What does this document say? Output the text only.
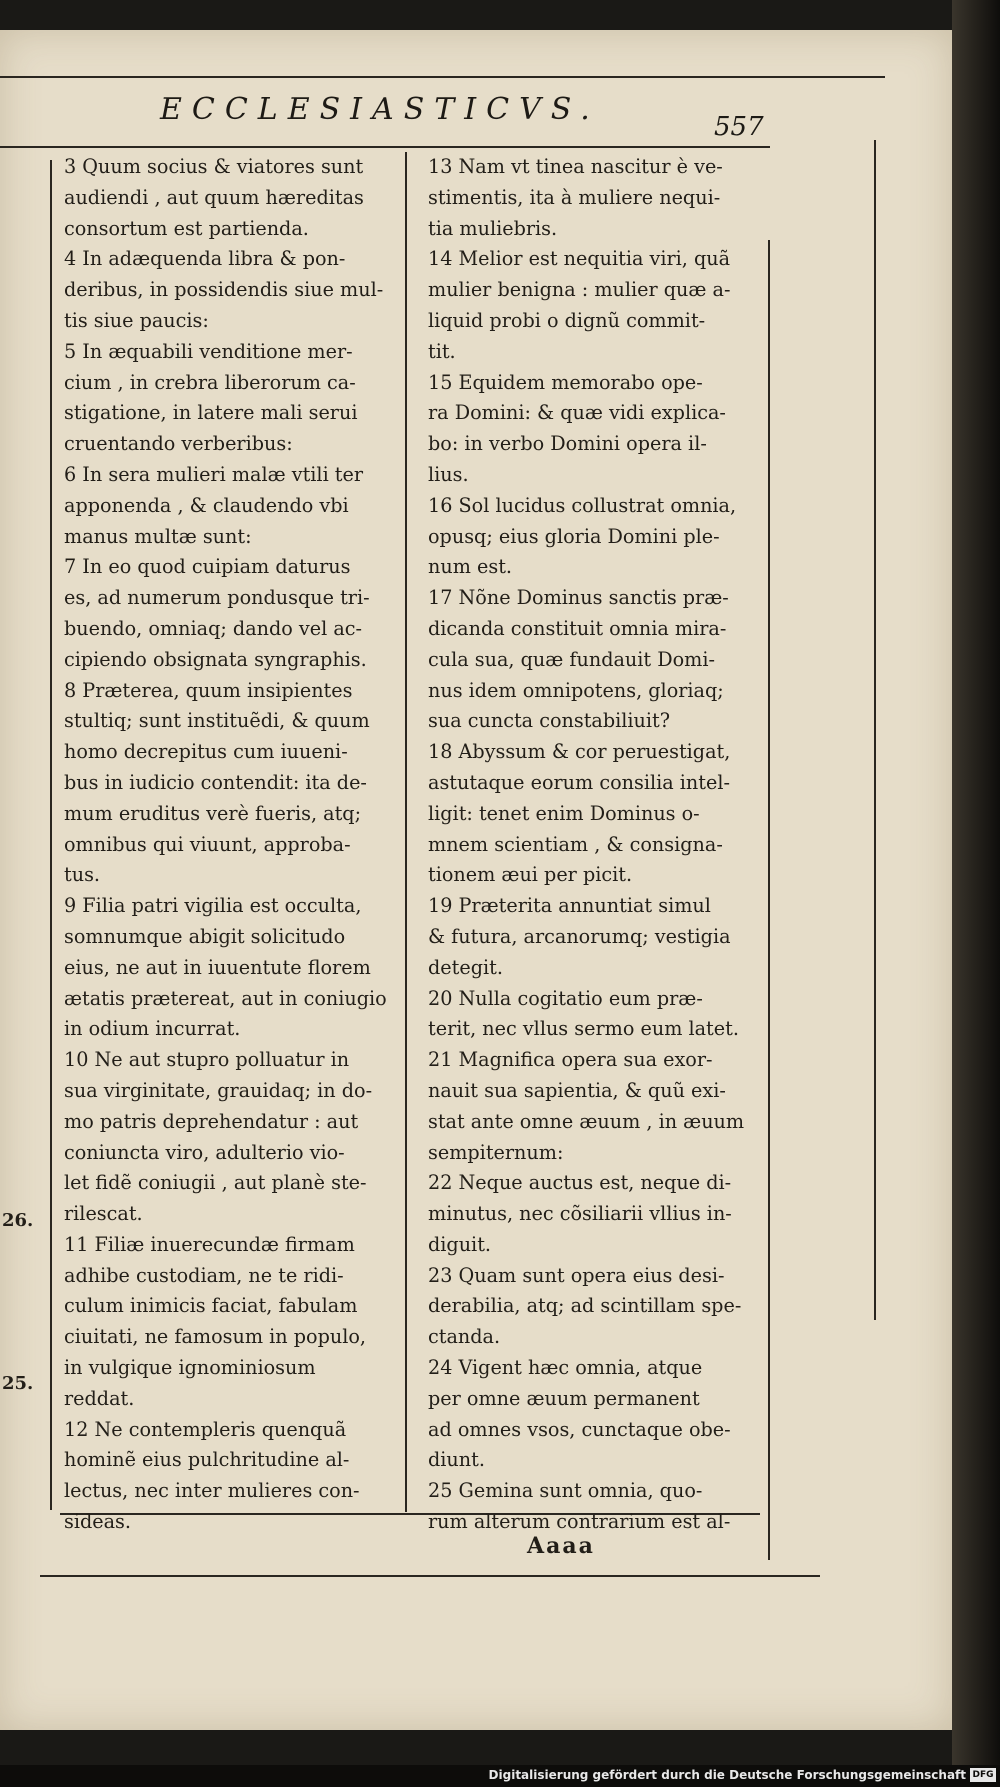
ECCLESIASTICVS.	557
3 Quum socius & viatores sunt
audiendi , aut quum hæreditas
consortum est partienda.
4 In adæquenda libra & pon-
deribus, in possidendis siue mul-
tis siue paucis:
5 In æquabili venditione mer-
cium , in crebra liberorum ca-
stigatione, in latere mali serui
cruentando verberibus:
6 In sera mulieri malæ vtili ter
apponenda , & claudendo vbi
manus multæ sunt:
7 In eo quod cuipiam daturus
es, ad numerum pondusque tri-
buendo, omniaq; dando vel ac-
cipiendo obsignata syngraphis.
8 Præterea, quum insipientes
stultiq; sunt instituẽdi, & quum
homo decrepitus cum iuueni-
bus in iudicio contendit: ita de-
mum eruditus verè fueris, atq;
omnibus qui viuunt, approba-
tus.
9 Filia patri vigilia est occulta,
somnumque abigit solicitudo
eius, ne aut in iuuentute florem
ætatis prætereat, aut in coniugio
in odium incurrat.
10 Ne aut stupro polluatur in
sua virginitate, grauidaq; in do-
mo patris deprehendatur : aut
coniuncta viro, adulterio vio-
let fidẽ coniugii , aut planè ste-
rilescat.
11 Filiæ inuerecundæ firmam
adhibe custodiam, ne te ridi-
culum inimicis faciat, fabulam
ciuitati, ne famosum in populo,
in vulgique ignominiosum
reddat.
12 Ne contempleris quenquã
hominẽ eius pulchritudine al-
lectus, nec inter mulieres con-
sideas.
13 Nam vt tinea nascitur è ve-
stimentis, ita à muliere nequi-
tia muliebris.
14 Melior est nequitia viri, quã
mulier benigna : mulier quæ a-
liquid probi o dignũ commit-
tit.
15 Equidem memorabo ope-
ra Domini: & quæ vidi explica-
bo: in verbo Domini opera il-
lius.
16 Sol lucidus collustrat omnia,
opusq; eius gloria Domini ple-
num est.
17 Nõne Dominus sanctis præ-
dicanda constituit omnia mira-
cula sua, quæ fundauit Domi-
nus idem omnipotens, gloriaq;
sua cuncta constabiliuit?
18 Abyssum & cor peruestigat,
astutaque eorum consilia intel-
ligit: tenet enim Dominus o-
mnem scientiam , & consigna-
tionem æui per picit.
19 Præterita annuntiat simul
& futura, arcanorumq; vestigia
detegit.
20 Nulla cogitatio eum præ-
terit, nec vllus sermo eum latet.
21 Magnifica opera sua exor-
nauit sua sapientia, & quũ exi-
stat ante omne æuum , in æuum
sempiternum:
22 Neque auctus est, neque di-
minutus, nec cõsiliarii vllius in-
diguit.
23 Quam sunt opera eius desi-
derabilia, atq; ad scintillam spe-
ctanda.
24 Vigent hæc omnia, atque
per omne æuum permanent
ad omnes vsos, cunctaque obe-
diunt.
25 Gemina sunt omnia, quo-
rum alterum contrarium est al-
26.
25.
Aaaa
Digitalisierung gefördert durch die Deutsche Forschungsgemeinschaft DFG
